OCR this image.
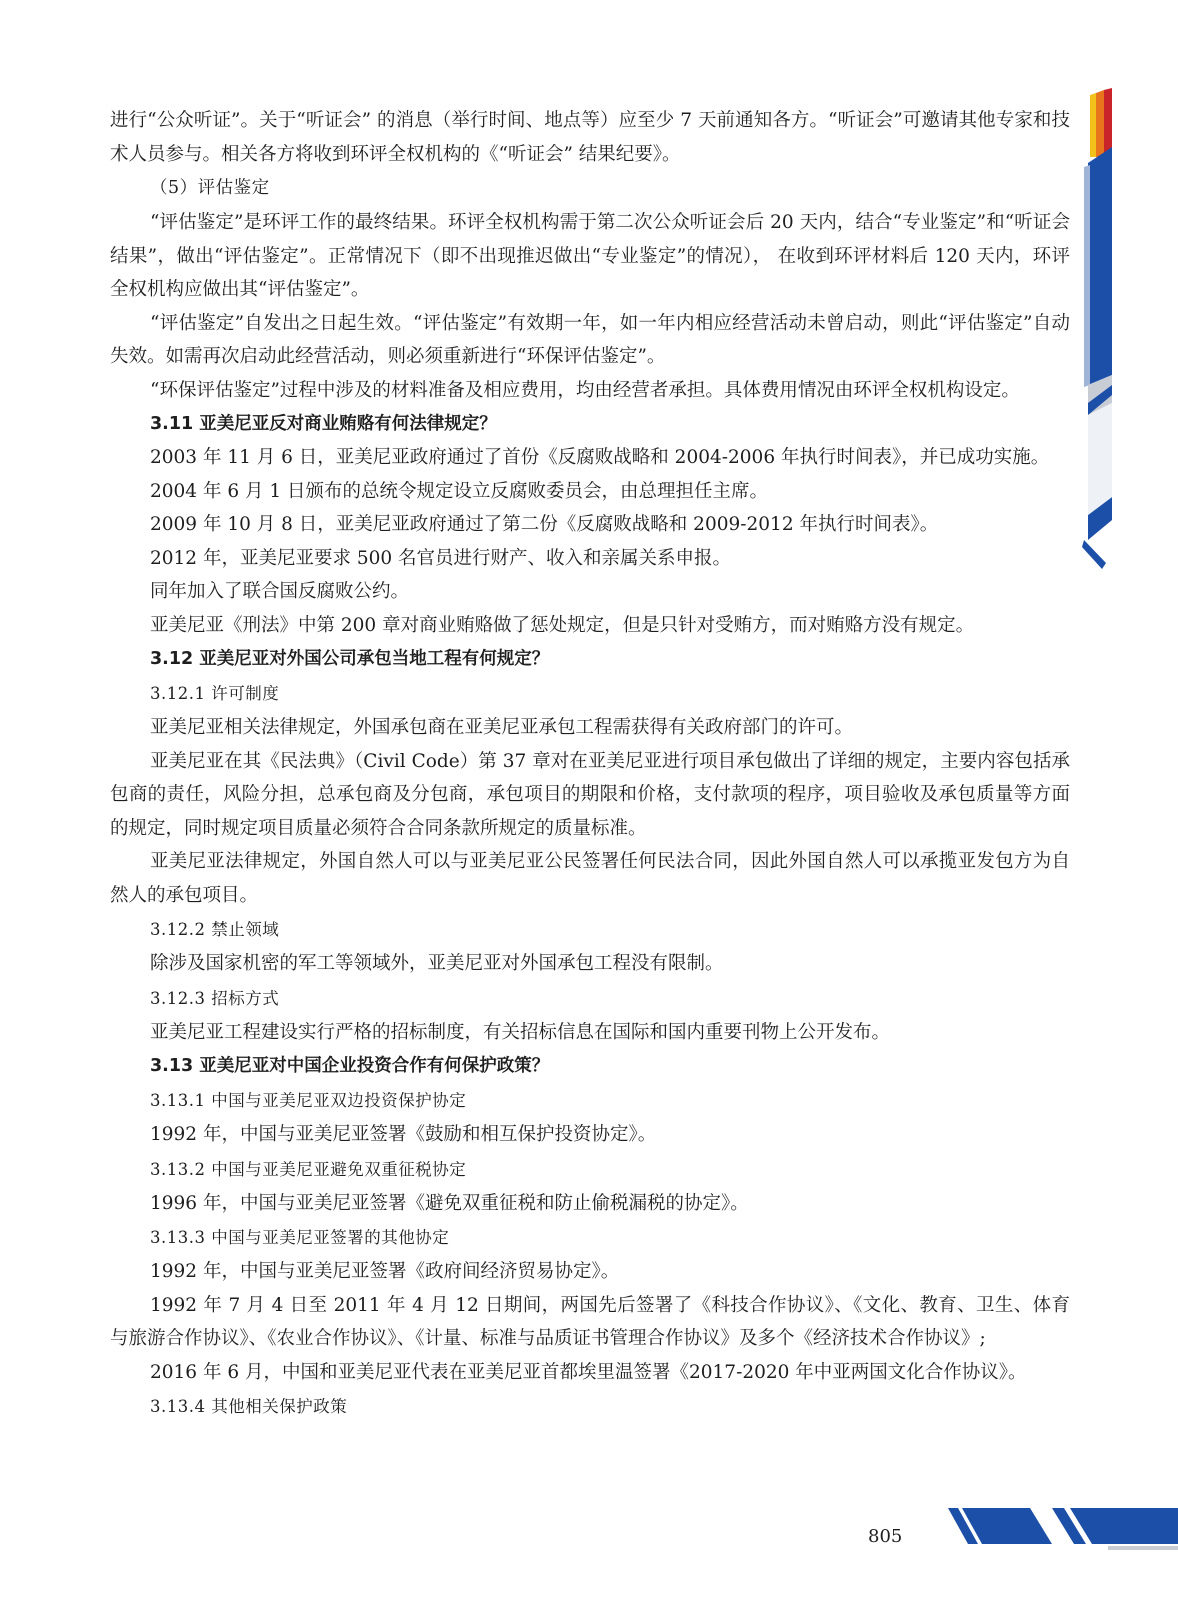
进行“公众听证”。关于“听证会” 的消息（举行时间、地点等）应至少 7 天前通知各方。“听证会”可邀请其他专家和技术人员参与。相关各方将收到环评全权机构的《“听证会” 结果纪要》。

（5）评估鉴定

“评估鉴定”是环评工作的最终结果。环评全权机构需于第二次公众听证会后 20 天内，结合“专业鉴定”和“听证会结果”，做出“评估鉴定”。正常情况下（即不出现推迟做出“专业鉴定”的情况）， 在收到环评材料后 120 天内，环评全权机构应做出其“评估鉴定”。

“评估鉴定”自发出之日起生效。“评估鉴定”有效期一年，如一年内相应经营活动未曾启动，则此“评估鉴定”自动失效。如需再次启动此经营活动，则必须重新进行“环保评估鉴定”。

“环保评估鉴定”过程中涉及的材料准备及相应费用，均由经营者承担。具体费用情况由环评全权机构设定。

3.11 亚美尼亚反对商业贿赂有何法律规定？

2003 年 11 月 6 日，亚美尼亚政府通过了首份《反腐败战略和 2004-2006 年执行时间表》，并已成功实施。

2004 年 6 月 1 日颁布的总统令规定设立反腐败委员会，由总理担任主席。

2009 年 10 月 8 日，亚美尼亚政府通过了第二份《反腐败战略和 2009-2012 年执行时间表》。

2012 年，亚美尼亚要求 500 名官员进行财产、收入和亲属关系申报。

同年加入了联合国反腐败公约。

亚美尼亚《刑法》中第 200 章对商业贿赂做了惩处规定，但是只针对受贿方，而对贿赂方没有规定。

3.12 亚美尼亚对外国公司承包当地工程有何规定？

3.12.1 许可制度

亚美尼亚相关法律规定，外国承包商在亚美尼亚承包工程需获得有关政府部门的许可。

亚美尼亚在其《民法典》（Civil Code）第 37 章对在亚美尼亚进行项目承包做出了详细的规定，主要内容包括承包商的责任，风险分担，总承包商及分包商，承包项目的期限和价格，支付款项的程序，项目验收及承包质量等方面的规定，同时规定项目质量必须符合合同条款所规定的质量标准。

亚美尼亚法律规定，外国自然人可以与亚美尼亚公民签署任何民法合同，因此外国自然人可以承揽亚发包方为自然人的承包项目。

3.12.2 禁止领域

除涉及国家机密的军工等领域外，亚美尼亚对外国承包工程没有限制。

3.12.3 招标方式

亚美尼亚工程建设实行严格的招标制度，有关招标信息在国际和国内重要刊物上公开发布。

3.13 亚美尼亚对中国企业投资合作有何保护政策？

3.13.1 中国与亚美尼亚双边投资保护协定

1992 年，中国与亚美尼亚签署《鼓励和相互保护投资协定》。

3.13.2 中国与亚美尼亚避免双重征税协定

1996 年，中国与亚美尼亚签署《避免双重征税和防止偷税漏税的协定》。

3.13.3 中国与亚美尼亚签署的其他协定

1992 年，中国与亚美尼亚签署《政府间经济贸易协定》。

1992 年 7 月 4 日至 2011 年 4 月 12 日期间，两国先后签署了《科技合作协议》、《文化、教育、卫生、体育与旅游合作协议》、《农业合作协议》、《计量、标准与品质证书管理合作协议》及多个《经济技术合作协议》;

2016 年 6 月，中国和亚美尼亚代表在亚美尼亚首都埃里温签署《2017-2020 年中亚两国文化合作协议》。

3.13.4 其他相关保护政策

805
